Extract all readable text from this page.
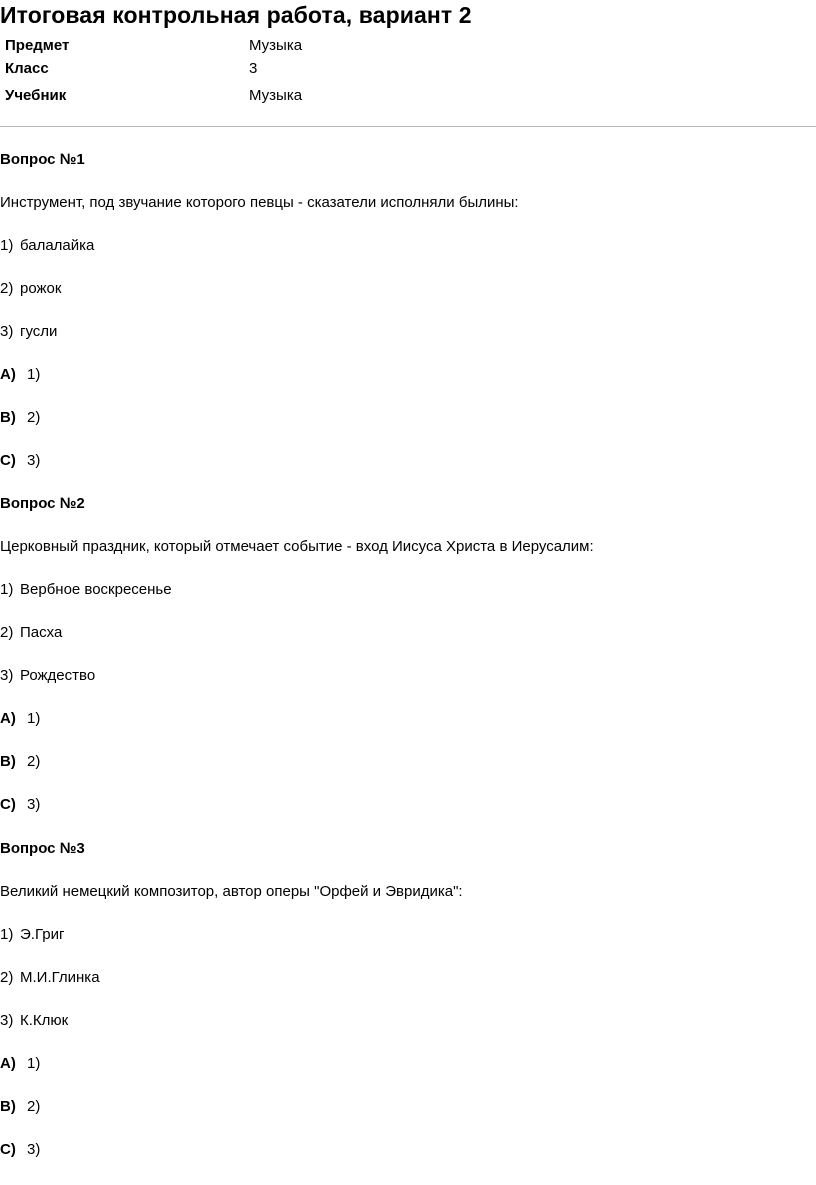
Итоговая контрольная работа, вариант 2
Предмет	Музыка
Класс	3
Учебник	Музыка
Вопрос №1
Инструмент, под звучание которого певцы - сказатели исполняли былины:
1) балалайка
2) рожок
3) гусли
A) 1)
B) 2)
C) 3)
Вопрос №2
Церковный праздник, который отмечает событие - вход Иисуса Христа в Иерусалим:
1) Вербное воскресенье
2) Пасха
3) Рождество
A) 1)
B) 2)
C) 3)
Вопрос №3
Великий немецкий композитор, автор оперы "Орфей и Эвридика":
1) Э.Григ
2) М.И.Глинка
3) К.Клюк
A) 1)
B) 2)
C) 3)
